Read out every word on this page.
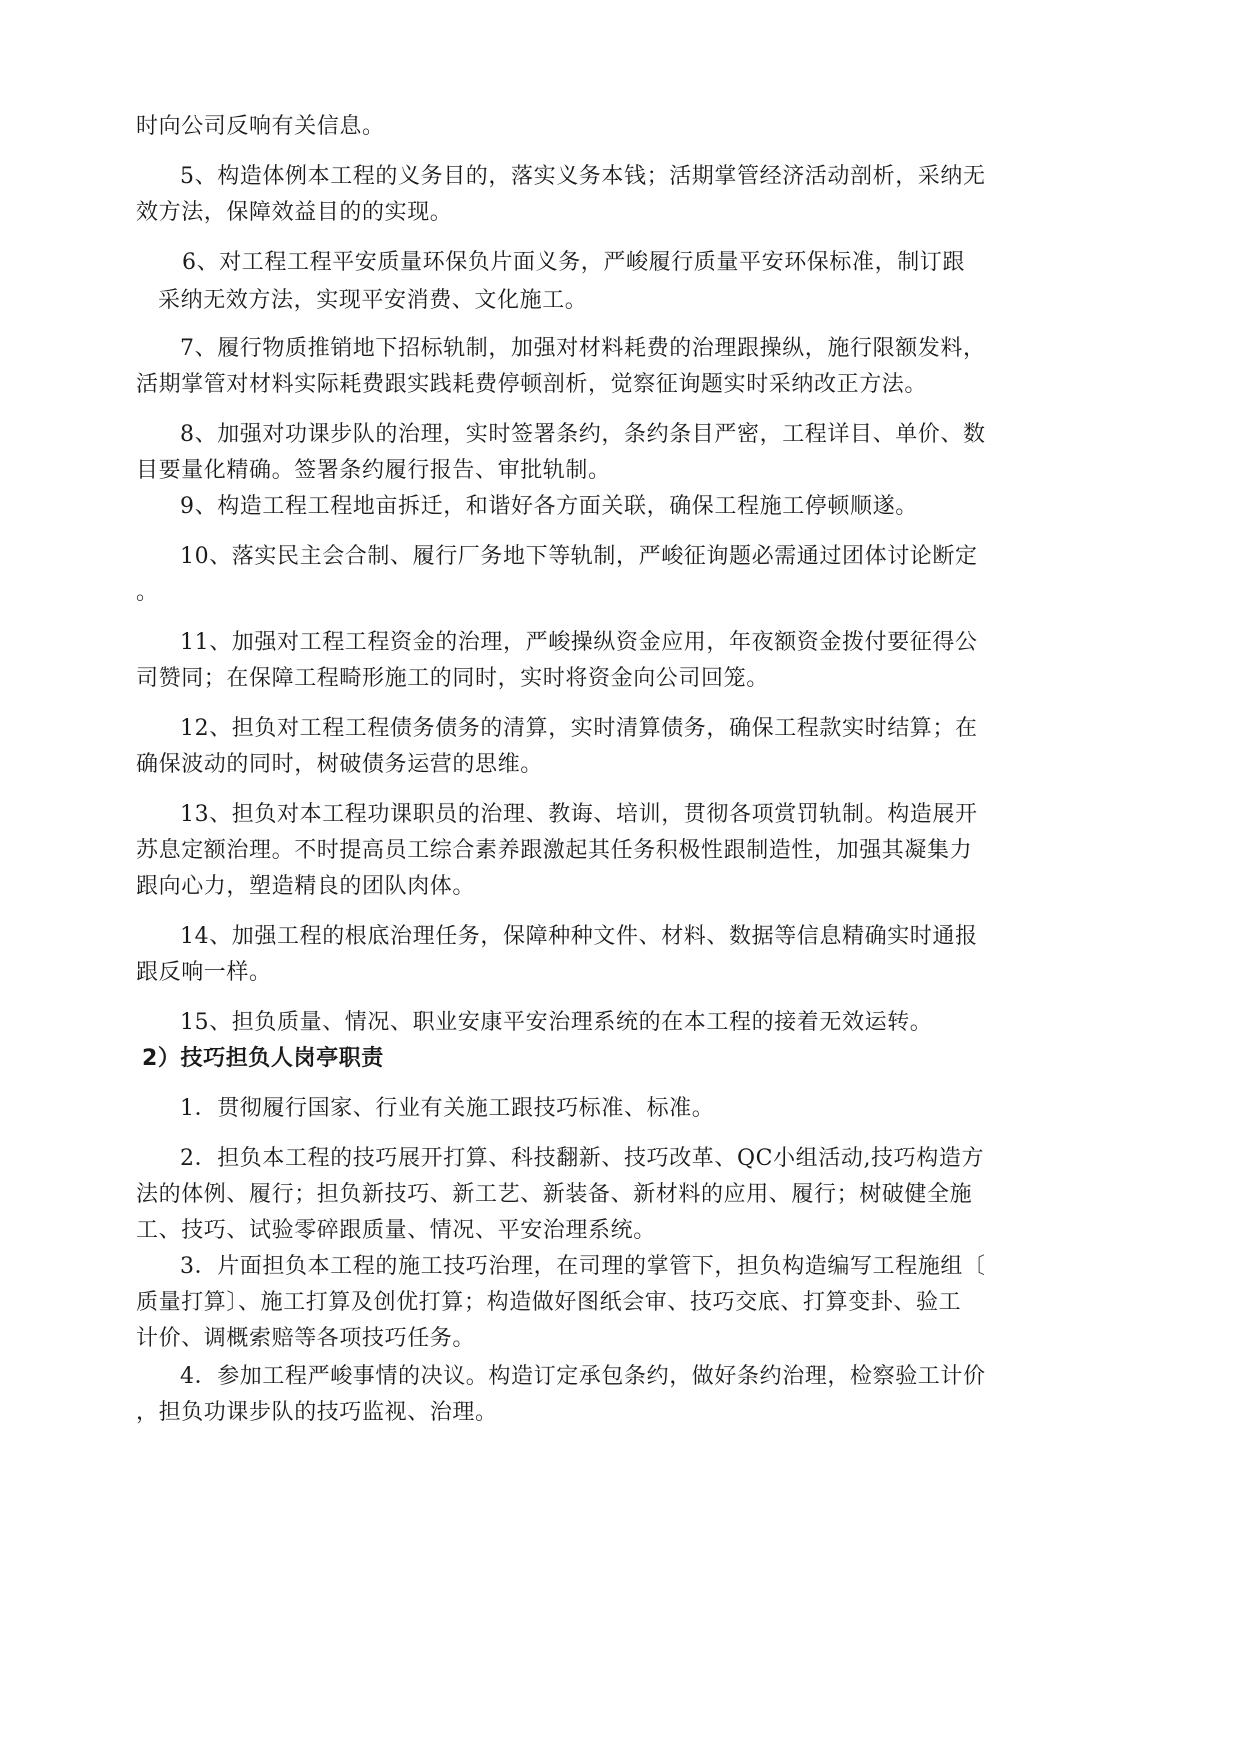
时向公司反响有关信息。
5、构造体例本工程的义务目的，落实义务本钱；活期掌管经济活动剖析，采纳无
效方法，保障效益目的的实现。
6、对工程工程平安质量环保负片面义务，严峻履行质量平安环保标准，制订跟
采纳无效方法，实现平安消费、文化施工。
7、履行物质推销地下招标轨制，加强对材料耗费的治理跟操纵，施行限额发料，
活期掌管对材料实际耗费跟实践耗费停顿剖析，觉察征询题实时采纳改正方法。
8、加强对功课步队的治理，实时签署条约，条约条目严密，工程详目、单价、数
目要量化精确。签署条约履行报告、审批轨制。
9、构造工程工程地亩拆迁，和谐好各方面关联，确保工程施工停顿顺遂。
10、落实民主会合制、履行厂务地下等轨制，严峻征询题必需通过团体讨论断定
。
11、加强对工程工程资金的治理，严峻操纵资金应用，年夜额资金拨付要征得公
司赞同；在保障工程畸形施工的同时，实时将资金向公司回笼。
12、担负对工程工程债务债务的清算，实时清算债务，确保工程款实时结算；在
确保波动的同时，树破债务运营的思维。
13、担负对本工程功课职员的治理、教诲、培训，贯彻各项赏罚轨制。构造展开
苏息定额治理。不时提高员工综合素养跟激起其任务积极性跟制造性，加强其凝集力
跟向心力，塑造精良的团队肉体。
14、加强工程的根底治理任务，保障种种文件、材料、数据等信息精确实时通报
跟反响一样。
15、担负质量、情况、职业安康平安治理系统的在本工程的接着无效运转。
2）技巧担负人岗亭职责
1．贯彻履行国家、行业有关施工跟技巧标准、标准。
2．担负本工程的技巧展开打算、科技翻新、技巧改革、QC小组活动,技巧构造方
法的体例、履行；担负新技巧、新工艺、新装备、新材料的应用、履行；树破健全施
工、技巧、试验零碎跟质量、情况、平安治理系统。
3．片面担负本工程的施工技巧治理，在司理的掌管下，担负构造编写工程施组〔
质量打算〕、施工打算及创优打算；构造做好图纸会审、技巧交底、打算变卦、验工
计价、调概索赔等各项技巧任务。
4．参加工程严峻事情的决议。构造订定承包条约，做好条约治理，检察验工计价
，担负功课步队的技巧监视、治理。
